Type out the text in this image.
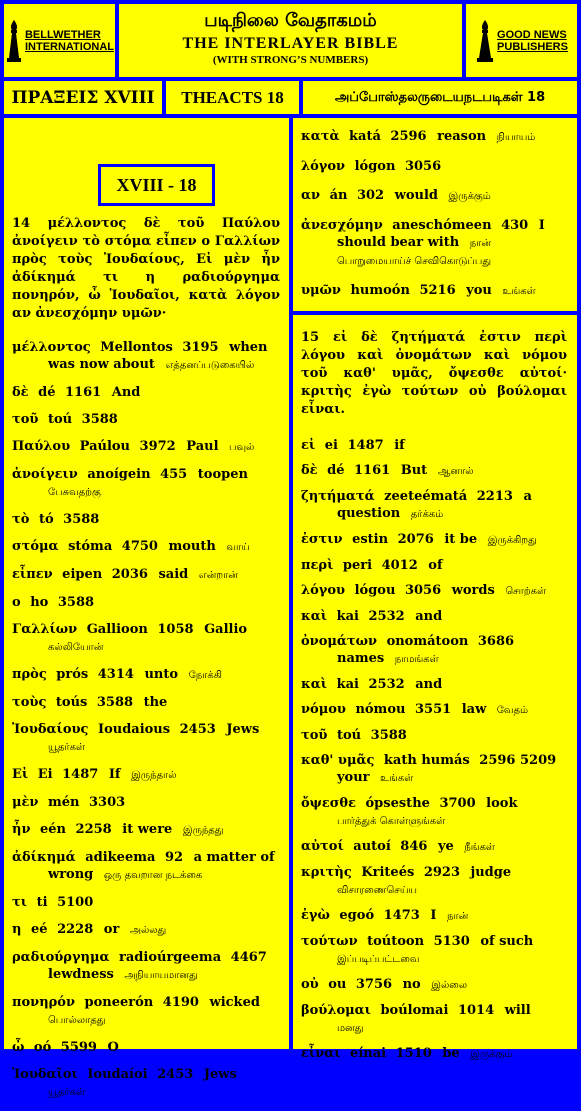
BELLWETHER
INTERNATIONAL
படிநிலை வேதாகமம்
THE INTERLAYER BIBLE
(WITH STRONG’S NUMBERS)
GOOD NEWS
PUBLISHERS
ΠΡΑΞΕΙΣ XVIII	THEACTS 18	அப்போஸ்தலருடையநடபடிகள் 18
XVIII - 18

14 μέλλοντος δὲ τοῦ Παύλου ἀνοίγειν τὸ στόμα εἶπεν ο Γαλλίων πρὸς τοὺς Ἰουδαίους, Εἰ μὲν ἦν ἀδίκημά τι η ραδιούργημα πονηρόν, ὦ Ἰουδαῖοι, κατὰ λόγον αν ἀνεσχόμην υμῶν·

μέλλοντος Mellontos 3195 when was now about எத்தனப்படுகையில்
δὲ dé 1161 And
τοῦ toú 3588
Παύλου Paúlou 3972 Paul பவுல்
ἀνοίγειν anoígein 455 toopen பேசுவதற்கு
τὸ tó 3588
στόμα stóma 4750 mouth வாய்
εἶπεν eipen 2036 said என்றான்
ο ho 3588
Γαλλίων Gallioon 1058 Gallio கல்லியோன்
πρὸς prós 4314 unto நோக்கி
τοὺς toús 3588 the
Ἰουδαίους Ioudaious 2453 Jews யூதர்கள்
Εἰ Ei 1487 If இருந்தால்
μὲν mén 3303
ἦν eén 2258 it were இருந்தது
ἀδίκημά adikeema 92 a matter of wrong ஒரு தவறான நடக்கை
τι ti 5100
η eé 2228 or அல்லது
ραδιούργημα radioúrgeema 4467 lewdness அநியாயமானது
πονηρόν poneerón 4190 wicked பொல்லாதது
ὦ oó 5599 O
Ἰουδαῖοι Ioudaíoi 2453 Jews யூதர்கள்
κατὰ katá 2596 reason நியாயம்
λόγον lógon 3056
αν án 302 would இருக்கும்
ἀνεσχόμην aneschómeen 430 I should bear with நான் பொறுமையாய்ச் செவிகொடுப்பது
υμῶν humoón 5216 you உங்கள்

15 εἰ δὲ ζητήματά ἐστιν περὶ λόγου καὶ ὀνομάτων καὶ νόμου τοῦ καθ' υμᾶς, ὄψεσθε αὐτοί· κριτὴς ἐγὼ τούτων οὐ βούλομαι εἶναι.

εἰ ei 1487 if
δὲ dé 1161 But ஆனால்
ζητήματά zeeteématá 2213 a question தர்க்கம்
ἐστιν estin 2076 it be இருக்கிறது
περὶ peri 4012 of
λόγου lógou 3056 words சொற்கள்
καὶ kai 2532 and
ὀνομάτων onomátoon 3686 names நாமங்கள்
καὶ kai 2532 and
νόμου nómou 3551 law வேதம்
τοῦ toú 3588
καθ' υμᾶς kath humás 2596 5209 your உங்கள்
ὄψεσθε ópsesthe 3700 look பார்த்துக் கொள்ளுங்கள்
αὐτοί autoí 846 ye நீங்கள்
κριτὴς Kriteés 2923 judge விசாரணைசெய்ய
ἐγὼ egoó 1473 I நான்
τούτων toútoon 5130 of such இப்படிப்பட்டவை
οὐ ou 3756 no இல்லை
βούλομαι boúlomai 1014 will மனது
εἶναι eínai 1510 be இருக்கும்
